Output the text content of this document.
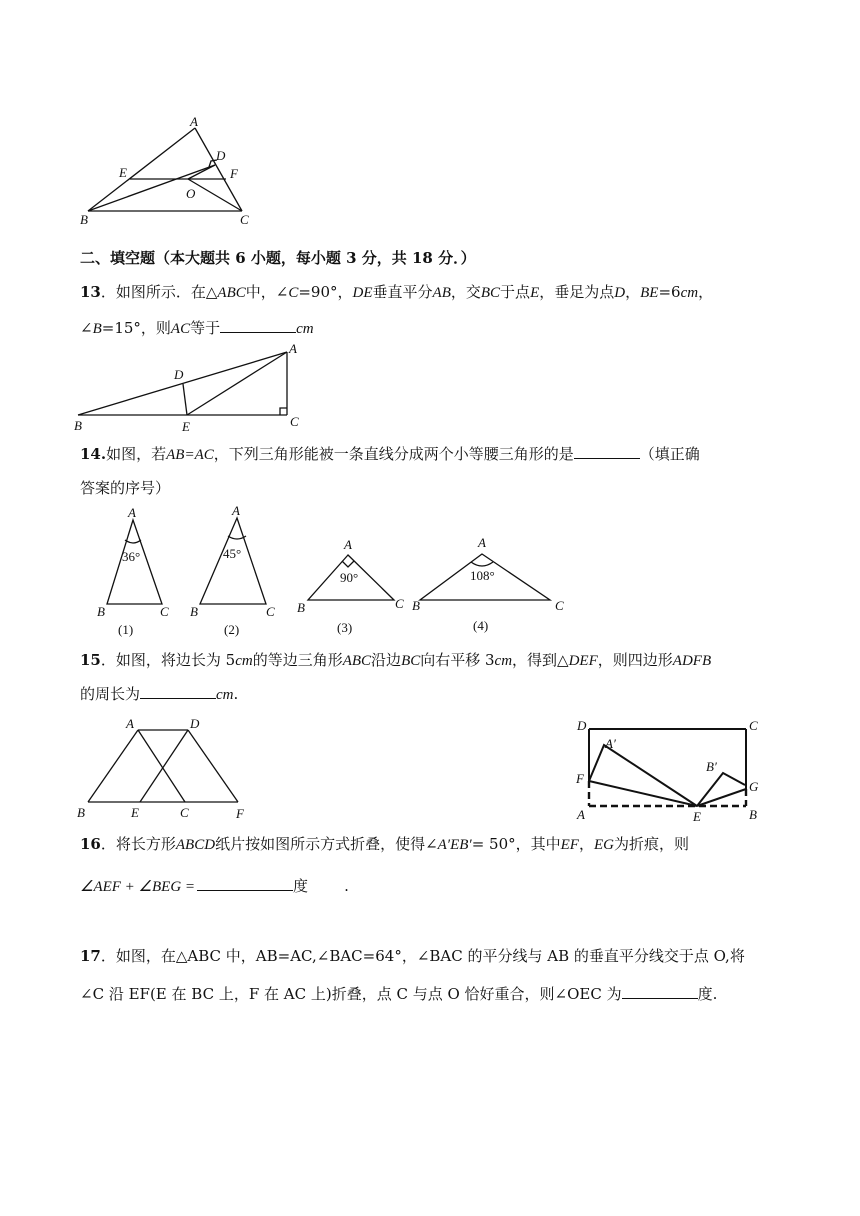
A
B	C
D
E	F
O
二、填空题（本大题共 6 小题，每小题 3 分，共 18 分．）
13．如图所示．在△ABC中，∠C=90°，DE垂直平分AB，交BC于点E，垂足为点D，BE=6cm，
∠B=15°，则AC等于	cm
A
B	C
D
E
14.如图，若AB=AC，下列三角形能被一条直线分成两个小等腰三角形的是	（填正确
答案的序号）
A
B	C
36°
(1)
A
B	C
45°
(2)
A
B	C
90°
(3)
A
B	C
108°
(4)
15．如图，将边长为 5cm的等边三角形ABC沿边BC向右平移 3cm，得到△DEF，则四边形ADFB
的周长为	cm.
A	D
B	E	C	F
D	C
A′
F
B′
G
A	E	B
16．将长方形ABCD纸片按如图所示方式折叠，使得∠A′EB′= 50°，其中EF，EG为折痕，则
∠AEF + ∠BEG =	度 .
17．如图，在△ABC 中，AB=AC,∠BAC=64°，∠BAC 的平分线与 AB 的垂直平分线交于点 O,将
∠C 沿 EF(E 在 BC 上，F 在 AC 上)折叠，点 C 与点 O 恰好重合，则∠OEC 为	度.
